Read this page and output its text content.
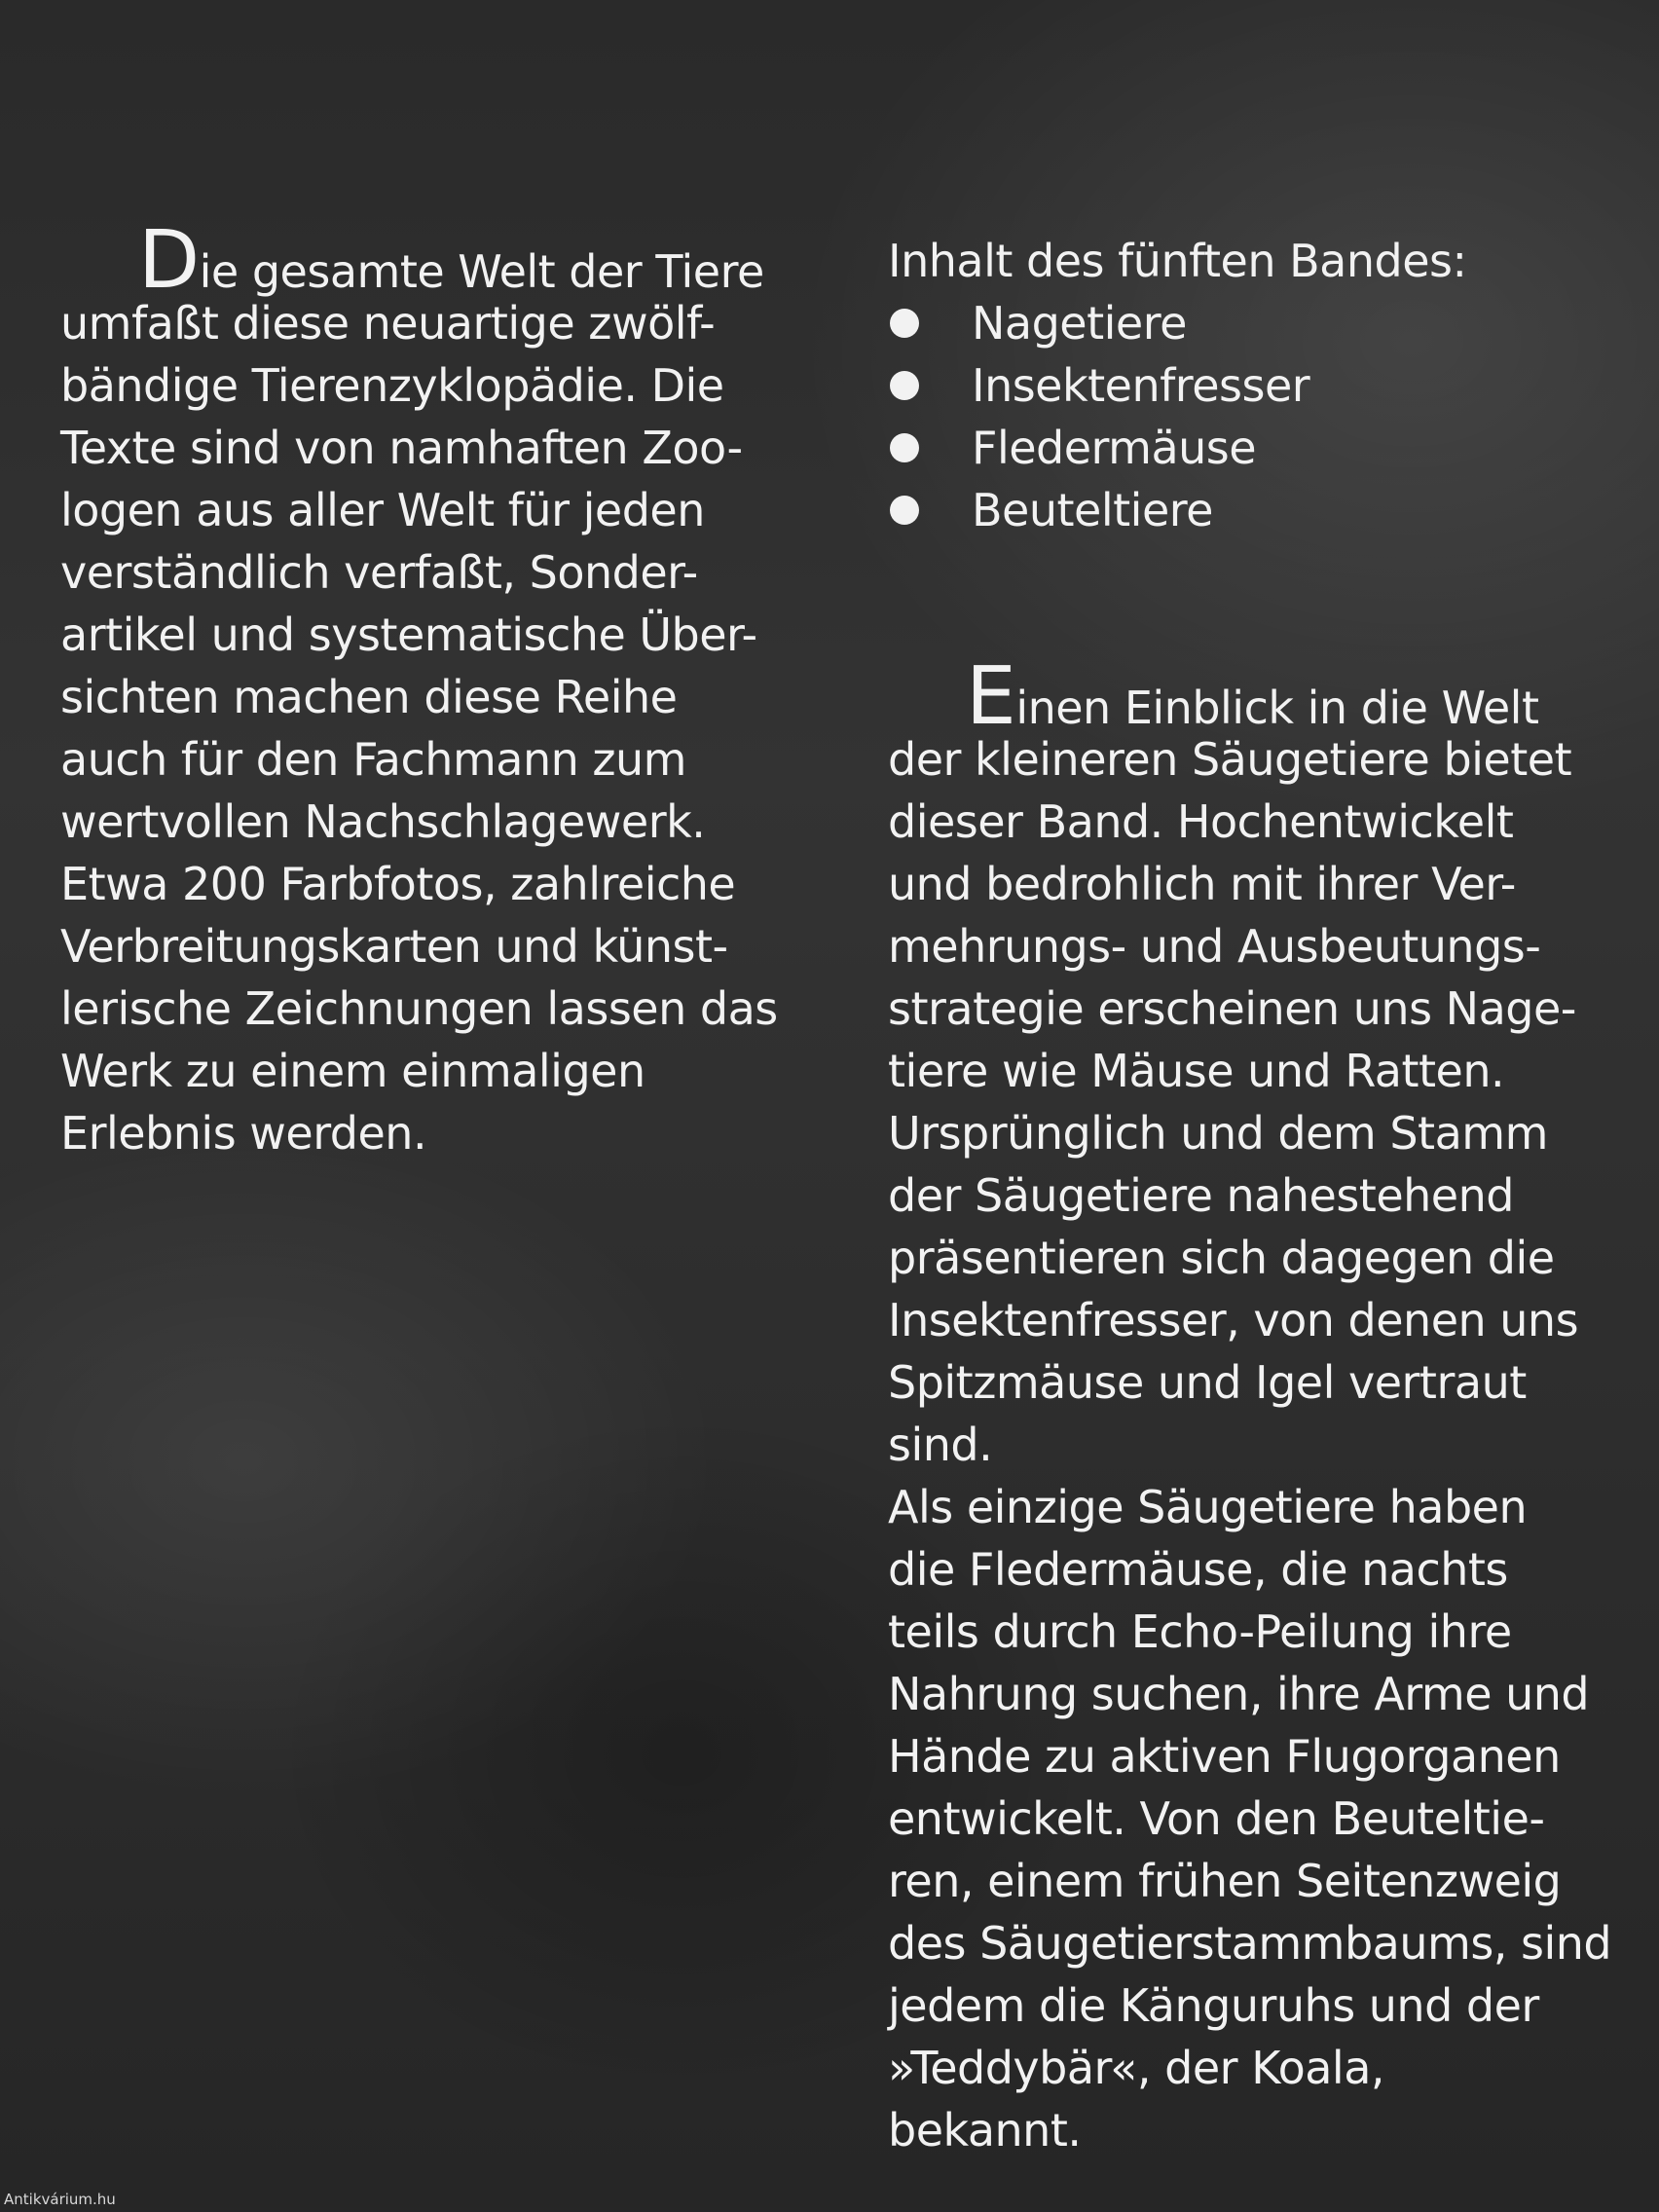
Die gesamte Welt der Tiere
umfaßt diese neuartige zwölf-
bändige Tierenzyklopädie. Die
Texte sind von namhaften Zoo-
logen aus aller Welt für jeden
verständlich verfaßt, Sonder-
artikel und systematische Über-
sichten machen diese Reihe
auch für den Fachmann zum
wertvollen Nachschlagewerk.
Etwa 200 Farbfotos, zahlreiche
Verbreitungskarten und künst-
lerische Zeichnungen lassen das
Werk zu einem einmaligen
Erlebnis werden.
Inhalt des fünften Bandes:
Nagetiere
Insektenfresser
Fledermäuse
Beuteltiere
Einen Einblick in die Welt
der kleineren Säugetiere bietet
dieser Band. Hochentwickelt
und bedrohlich mit ihrer Ver-
mehrungs- und Ausbeutungs-
strategie erscheinen uns Nage-
tiere wie Mäuse und Ratten.
Ursprünglich und dem Stamm
der Säugetiere nahestehend
präsentieren sich dagegen die
Insektenfresser, von denen uns
Spitzmäuse und Igel vertraut
sind.
Als einzige Säugetiere haben
die Fledermäuse, die nachts
teils durch Echo-Peilung ihre
Nahrung suchen, ihre Arme und
Hände zu aktiven Flugorganen
entwickelt. Von den Beuteltie-
ren, einem frühen Seitenzweig
des Säugetierstammbaums, sind
jedem die Känguruhs und der
»Teddybär«, der Koala,
bekannt.
Antikvárium.hu
